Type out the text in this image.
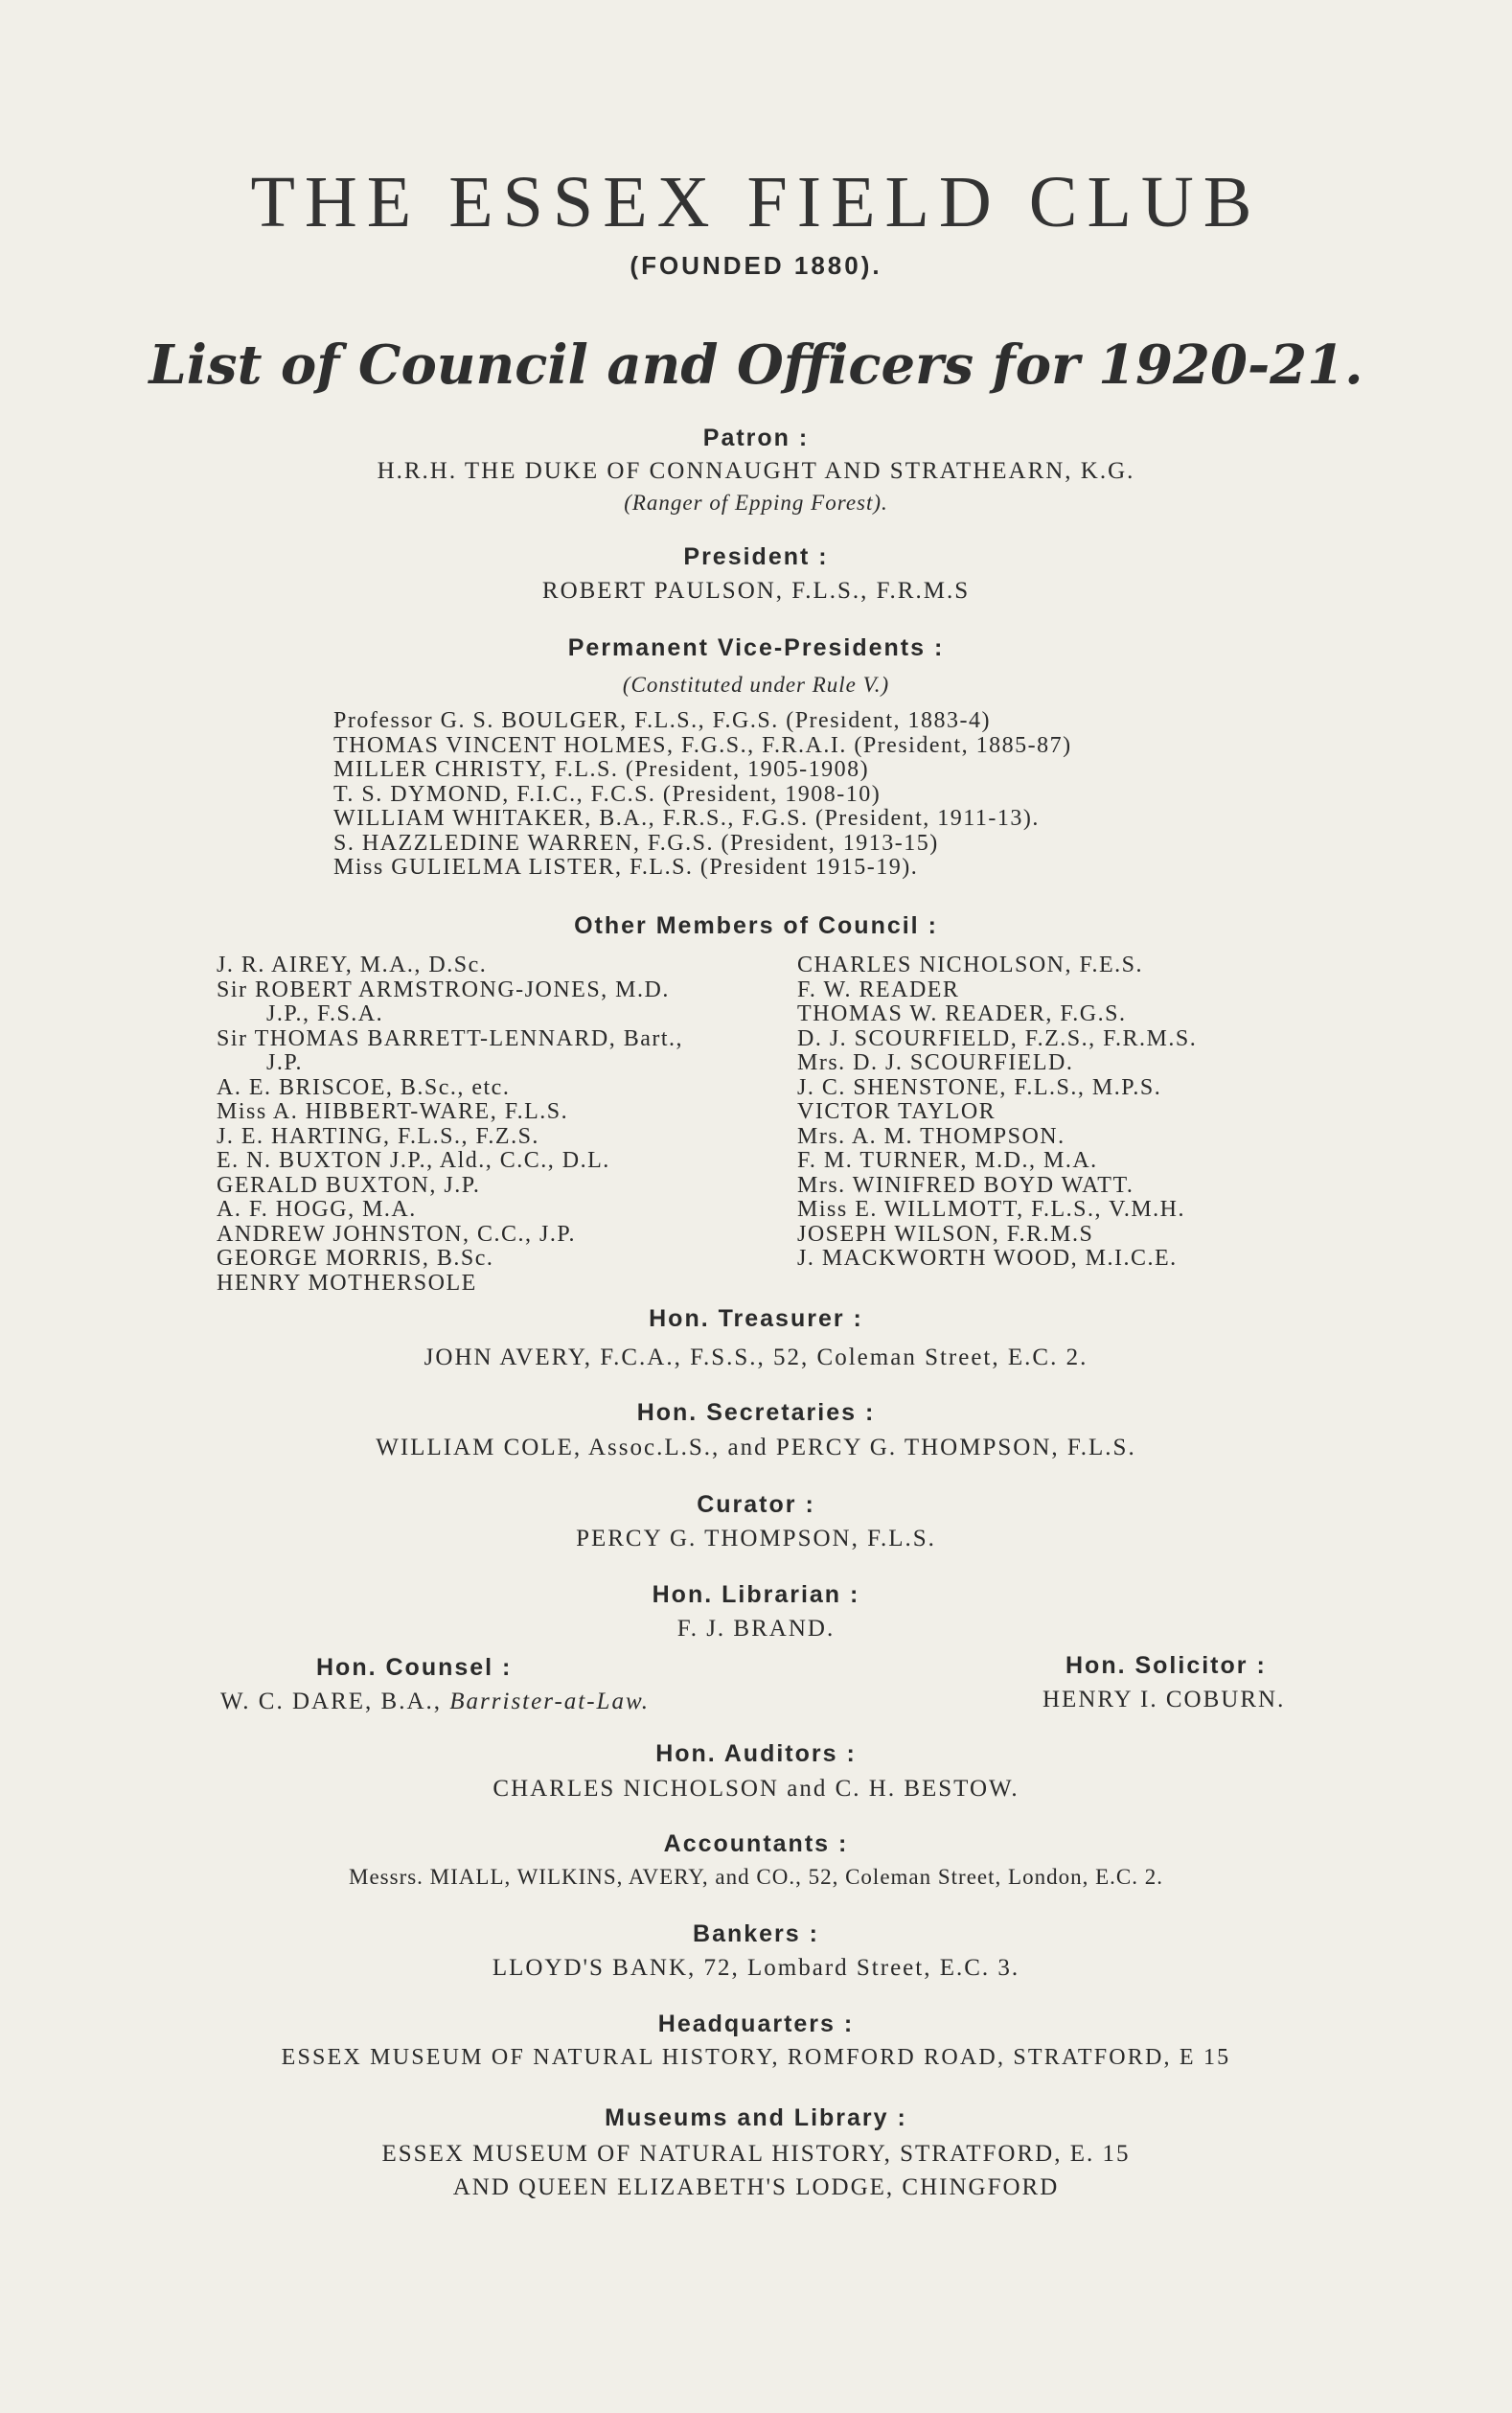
THE ESSEX FIELD CLUB
(FOUNDED 1880).
List of Council and Officers for 1920-21.
Patron :
H.R.H. THE DUKE OF CONNAUGHT AND STRATHEARN, K.G.
(Ranger of Epping Forest).
President :
ROBERT PAULSON, F.L.S., F.R.M.S
Permanent Vice-Presidents :
(Constituted under Rule V.)
Professor G. S. BOULGER, F.L.S., F.G.S. (President, 1883-4)
THOMAS VINCENT HOLMES, F.G.S., F.R.A.I. (President, 1885-87)
MILLER CHRISTY, F.L.S. (President, 1905-1908)
T. S. DYMOND, F.I.C., F.C.S. (President, 1908-10)
WILLIAM WHITAKER, B.A., F.R.S., F.G.S. (President, 1911-13).
S. HAZZLEDINE WARREN, F.G.S. (President, 1913-15)
Miss GULIELMA LISTER, F.L.S. (President 1915-19).
Other Members of Council :
J. R. AIREY, M.A., D.Sc.
Sir ROBERT ARMSTRONG-JONES, M.D.
J.P., F.S.A.
Sir THOMAS BARRETT-LENNARD, Bart.,
J.P.
A. E. BRISCOE, B.Sc., etc.
Miss A. HIBBERT-WARE, F.L.S.
J. E. HARTING, F.L.S., F.Z.S.
E. N. BUXTON J.P., Ald., C.C., D.L.
GERALD BUXTON, J.P.
A. F. HOGG, M.A.
ANDREW JOHNSTON, C.C., J.P.
GEORGE MORRIS, B.Sc.
HENRY MOTHERSOLE
CHARLES NICHOLSON, F.E.S.
F. W. READER
THOMAS W. READER, F.G.S.
D. J. SCOURFIELD, F.Z.S., F.R.M.S.
Mrs. D. J. SCOURFIELD.
J. C. SHENSTONE, F.L.S., M.P.S.
VICTOR TAYLOR
Mrs. A. M. THOMPSON.
F. M. TURNER, M.D., M.A.
Mrs. WINIFRED BOYD WATT.
Miss E. WILLMOTT, F.L.S., V.M.H.
JOSEPH WILSON, F.R.M.S
J. MACKWORTH WOOD, M.I.C.E.
Hon. Treasurer :
JOHN AVERY, F.C.A., F.S.S., 52, Coleman Street, E.C. 2.
Hon. Secretaries :
WILLIAM COLE, Assoc.L.S., and PERCY G. THOMPSON, F.L.S.
Curator :
PERCY G. THOMPSON, F.L.S.
Hon. Librarian :
F. J. BRAND.
Hon. Counsel :
W. C. DARE, B.A., Barrister-at-Law.
Hon. Solicitor :
HENRY I. COBURN.
Hon. Auditors :
CHARLES NICHOLSON and C. H. BESTOW.
Accountants :
Messrs. MIALL, WILKINS, AVERY, and CO., 52, Coleman Street, London, E.C. 2.
Bankers :
LLOYD'S BANK, 72, Lombard Street, E.C. 3.
Headquarters :
ESSEX MUSEUM OF NATURAL HISTORY, ROMFORD ROAD, STRATFORD, E 15
Museums and Library :
ESSEX MUSEUM OF NATURAL HISTORY, STRATFORD, E. 15
AND QUEEN ELIZABETH'S LODGE, CHINGFORD
